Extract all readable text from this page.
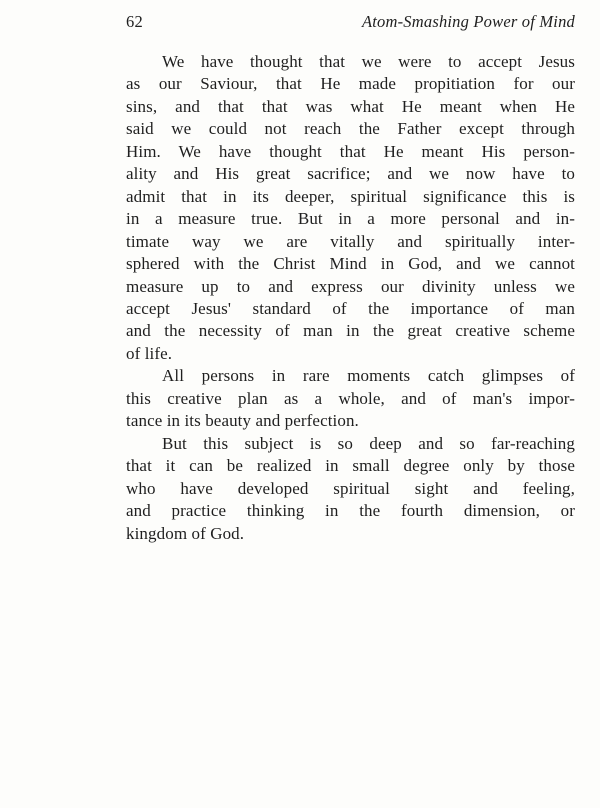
62	Atom-Smashing Power of Mind
We have thought that we were to accept Jesus
as our Saviour, that He made propitiation for our
sins, and that that was what He meant when He
said we could not reach the Father except through
Him. We have thought that He meant His person-
ality and His great sacrifice; and we now have to
admit that in its deeper, spiritual significance this is
in a measure true. But in a more personal and in-
timate way we are vitally and spiritually inter-
sphered with the Christ Mind in God, and we cannot
measure up to and express our divinity unless we
accept Jesus' standard of the importance of man
and the necessity of man in the great creative scheme
of life.
All persons in rare moments catch glimpses of
this creative plan as a whole, and of man's impor-
tance in its beauty and perfection.
But this subject is so deep and so far-reaching
that it can be realized in small degree only by those
who have developed spiritual sight and feeling,
and practice thinking in the fourth dimension, or
kingdom of God.
